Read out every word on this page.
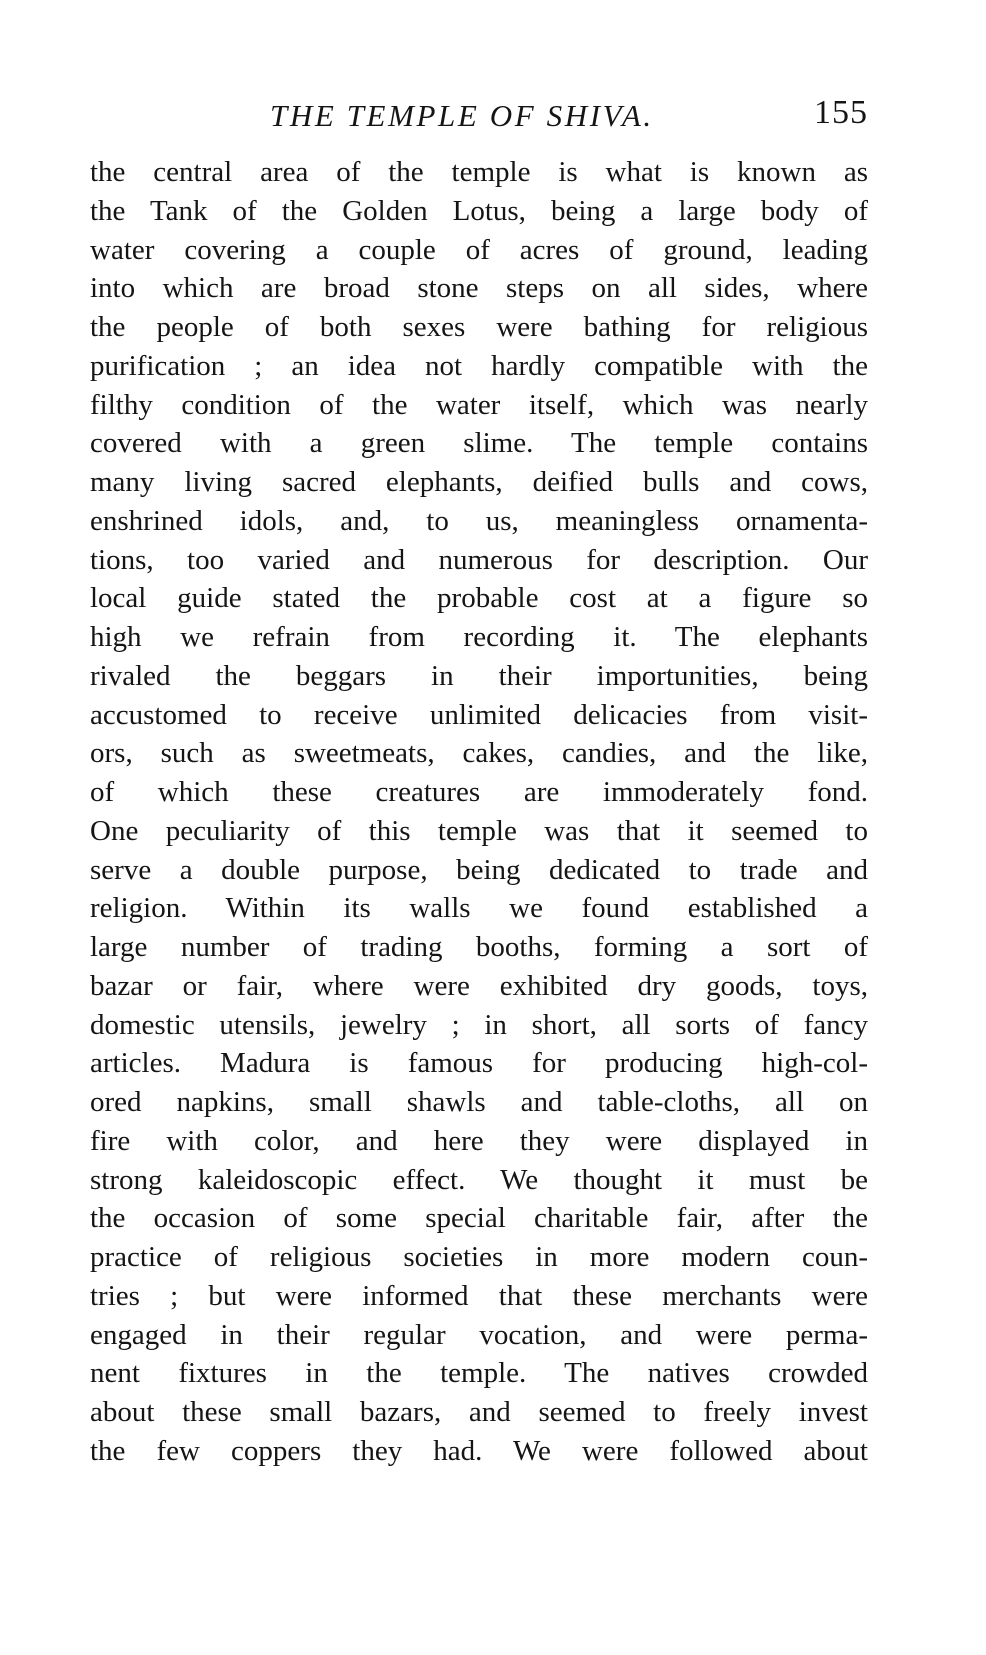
THE TEMPLE OF SHIVA.	155
the central area of the temple is what is known as
the Tank of the Golden Lotus, being a large body of
water covering a couple of acres of ground, leading
into which are broad stone steps on all sides, where
the people of both sexes were bathing for religious
purification ; an idea not hardly compatible with the
filthy condition of the water itself, which was nearly
covered with a green slime. The temple contains
many living sacred elephants, deified bulls and cows,
enshrined idols, and, to us, meaningless ornamenta-
tions, too varied and numerous for description. Our
local guide stated the probable cost at a figure so
high we refrain from recording it. The elephants
rivaled the beggars in their importunities, being
accustomed to receive unlimited delicacies from visit-
ors, such as sweetmeats, cakes, candies, and the like,
of which these creatures are immoderately fond.
One peculiarity of this temple was that it seemed to
serve a double purpose, being dedicated to trade and
religion. Within its walls we found established a
large number of trading booths, forming a sort of
bazar or fair, where were exhibited dry goods, toys,
domestic utensils, jewelry ; in short, all sorts of fancy
articles. Madura is famous for producing high-col-
ored napkins, small shawls and table-cloths, all on
fire with color, and here they were displayed in
strong kaleidoscopic effect. We thought it must be
the occasion of some special charitable fair, after the
practice of religious societies in more modern coun-
tries ; but were informed that these merchants were
engaged in their regular vocation, and were perma-
nent fixtures in the temple. The natives crowded
about these small bazars, and seemed to freely invest
the few coppers they had. We were followed about
